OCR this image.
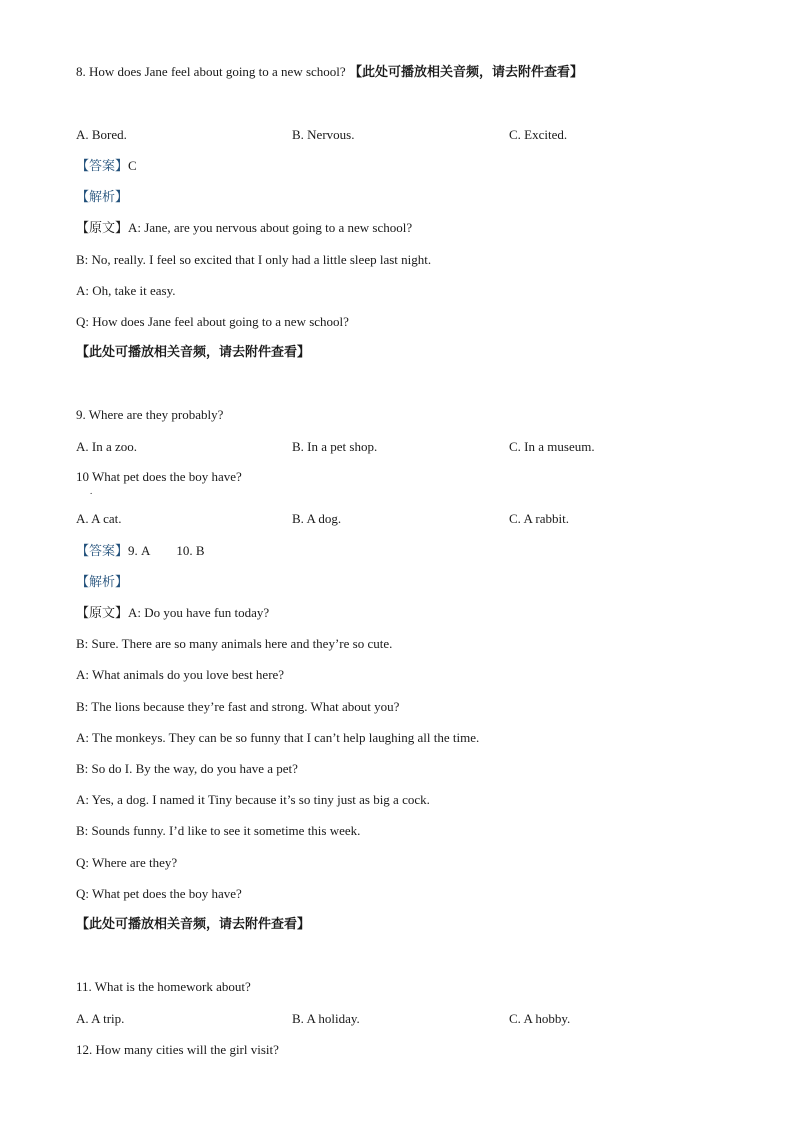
8. How does Jane feel about going to a new school? 【此处可播放相关音频，请去附件查看】
A. Bored.	B. Nervous.	C. Excited.
【答案】C
【解析】
【原文】A: Jane, are you nervous about going to a new school?
B: No, really. I feel so excited that I only had a little sleep last night.
A: Oh, take it easy.
Q: How does Jane feel about going to a new school?
【此处可播放相关音频，请去附件查看】
9. Where are they probably?
A. In a zoo.	B. In a pet shop.	C. In a museum.
10 What pet does the boy have?
.
A. A cat.	B. A dog.	C. A rabbit.
【答案】9. A 10. B
【解析】
【原文】A: Do you have fun today?
B: Sure. There are so many animals here and they’re so cute.
A: What animals do you love best here?
B: The lions because they’re fast and strong. What about you?
A: The monkeys. They can be so funny that I can’t help laughing all the time.
B: So do I. By the way, do you have a pet?
A: Yes, a dog. I named it Tiny because it’s so tiny just as big a cock.
B: Sounds funny. I’d like to see it sometime this week.
Q: Where are they?
Q: What pet does the boy have?
【此处可播放相关音频，请去附件查看】
11. What is the homework about?
A. A trip.	B. A holiday.	C. A hobby.
12. How many cities will the girl visit?
